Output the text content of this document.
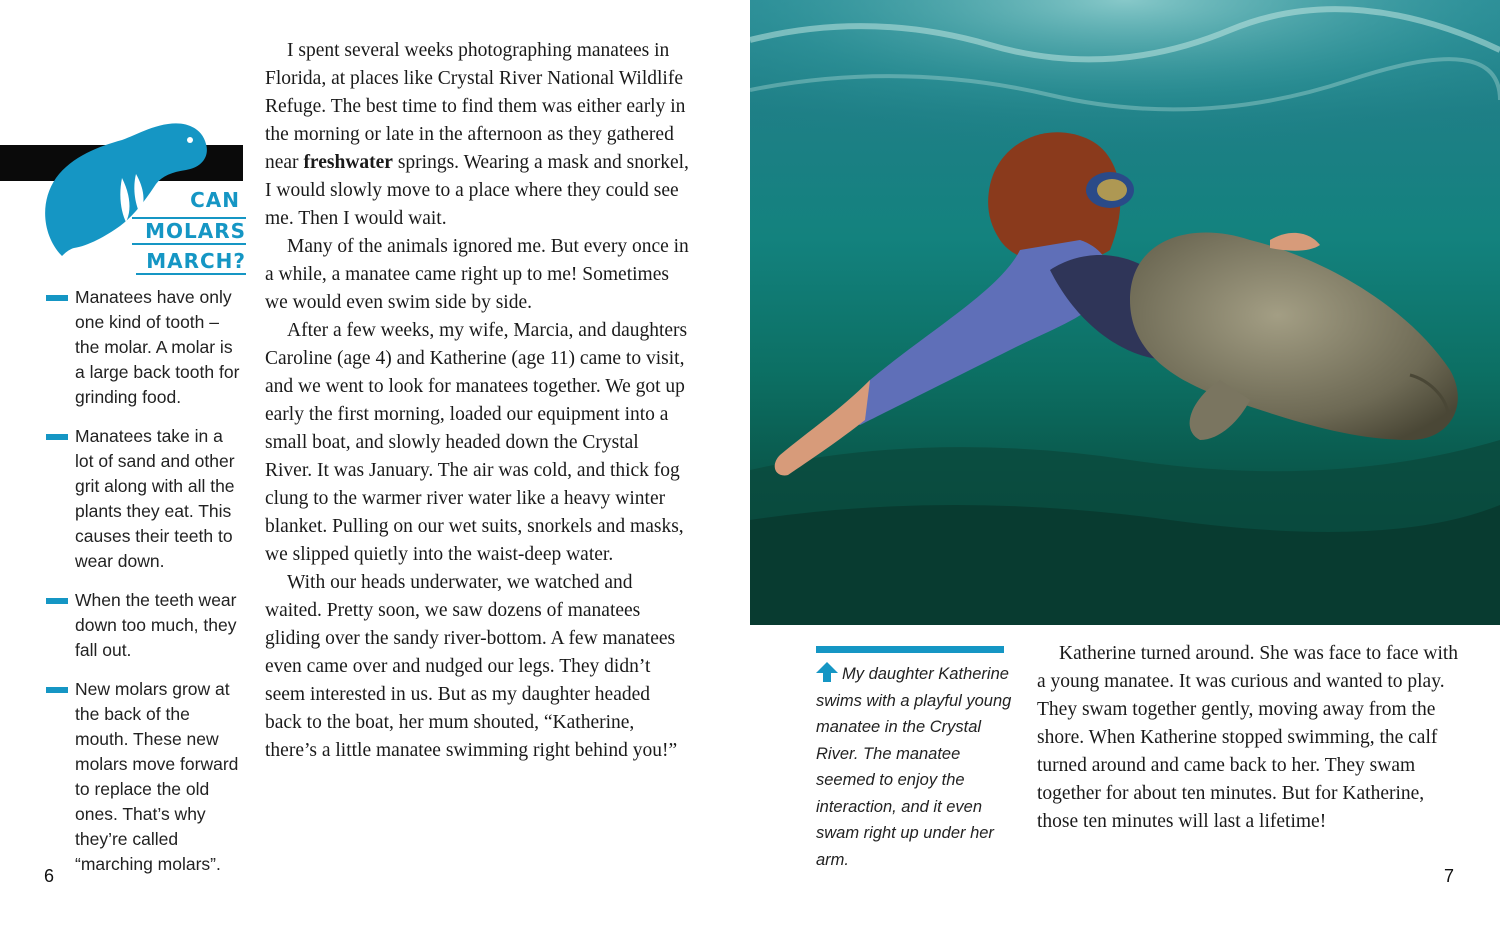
CAN
MOLARS
MARCH?
Manatees have only one kind of tooth – the molar. A molar is a large back tooth for grinding food.
Manatees take in a lot of sand and other grit along with all the plants they eat. This causes their teeth to wear down.
When the teeth wear down too much, they fall out.
New molars grow at the back of the mouth. These new molars move forward to replace the old ones. That’s why they’re called “marching molars”.

I spent several weeks photographing manatees in Florida, at places like Crystal River National Wildlife Refuge. The best time to find them was either early in the morning or late in the afternoon as they gathered near freshwater springs. Wearing a mask and snorkel, I would slowly move to a place where they could see me. Then I would wait.

Many of the animals ignored me. But every once in a while, a manatee came right up to me! Sometimes we would even swim side by side.

After a few weeks, my wife, Marcia, and daughters Caroline (age 4) and Katherine (age 11) came to visit, and we went to look for manatees together. We got up early the first morning, loaded our equipment into a small boat, and slowly headed down the Crystal River. It was January. The air was cold, and thick fog clung to the warmer river water like a heavy winter blanket. Pulling on our wet suits, snorkels and masks, we slipped quietly into the waist-deep water.

With our heads underwater, we watched and waited. Pretty soon, we saw dozens of manatees gliding over the sandy river-bottom. A few manatees even came over and nudged our legs. They didn’t seem interested in us. But as my daughter headed back to the boat, her mum shouted, “Katherine, there’s a little manatee swimming right behind you!”

My daughter Katherine swims with a playful young manatee in the Crystal River. The manatee seemed to enjoy the interaction, and it even swam right up under her arm.

Katherine turned around. She was face to face with a young manatee. It was curious and wanted to play. They swam together gently, moving away from the shore. When Katherine stopped swimming, the calf turned around and came back to her. They swam together for about ten minutes. But for Katherine, those ten minutes will last a lifetime!

6	7
